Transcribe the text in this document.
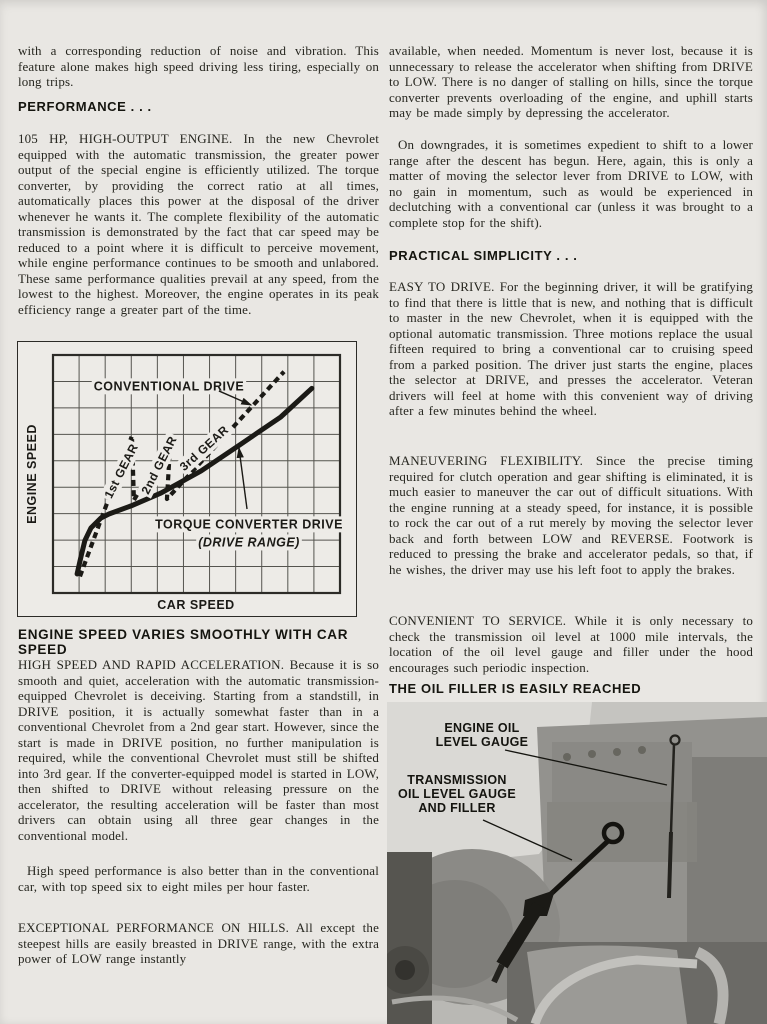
with a corresponding reduction of noise and vibration. This feature alone makes high speed driving less tiring, especially on long trips.

PERFORMANCE . . .

105 HP, HIGH-OUTPUT ENGINE. In the new Chevrolet equipped with the automatic transmission, the greater power output of the special engine is efficiently utilized. The torque converter, by providing the correct ratio at all times, automatically places this power at the disposal of the driver whenever he wants it. The complete flexibility of the automatic transmission is demonstrated by the fact that car speed may be reduced to a point where it is difficult to perceive movement, while engine performance continues to be smooth and unlabored. These same performance qualities prevail at any speed, from the lowest to the highest. Moreover, the engine operates in its peak efficiency range a greater part of the time.

CONVENTIONAL DRIVE
1st GEAR
2nd GEAR
3rd GEAR
TORQUE CONVERTER DRIVE
(DRIVE RANGE)
ENGINE SPEED
CAR SPEED

ENGINE SPEED VARIES SMOOTHLY WITH CAR SPEED

HIGH SPEED AND RAPID ACCELERATION. Because it is so smooth and quiet, acceleration with the automatic transmission-equipped Chevrolet is deceiving. Starting from a standstill, in DRIVE position, it is actually somewhat faster than in a conventional Chevrolet from a 2nd gear start. However, since the start is made in DRIVE position, no further manipulation is required, while the conventional Chevrolet must still be shifted into 3rd gear. If the converter-equipped model is started in LOW, then shifted to DRIVE without releasing pressure on the accelerator, the resulting acceleration will be faster than most drivers can obtain using all three gear changes in the conventional model.

High speed performance is also better than in the conventional car, with top speed six to eight miles per hour faster.

EXCEPTIONAL PERFORMANCE ON HILLS. All except the steepest hills are easily breasted in DRIVE range, with the extra power of LOW range instantly

available, when needed. Momentum is never lost, because it is unnecessary to release the accelerator when shifting from DRIVE to LOW. There is no danger of stalling on hills, since the torque converter prevents overloading of the engine, and uphill starts may be made simply by depressing the accelerator.

On downgrades, it is sometimes expedient to shift to a lower range after the descent has begun. Here, again, this is only a matter of moving the selector lever from DRIVE to LOW, with no gain in momentum, such as would be experienced in declutching with a conventional car (unless it was brought to a complete stop for the shift).

PRACTICAL SIMPLICITY . . .

EASY TO DRIVE. For the beginning driver, it will be gratifying to find that there is little that is new, and nothing that is difficult to master in the new Chevrolet, when it is equipped with the optional automatic transmission. Three motions replace the usual fifteen required to bring a conventional car to cruising speed from a parked position. The driver just starts the engine, places the selector at DRIVE, and presses the accelerator. Veteran drivers will feel at home with this convenient way of driving after a few minutes behind the wheel.

MANEUVERING FLEXIBILITY. Since the precise timing required for clutch operation and gear shifting is eliminated, it is much easier to maneuver the car out of difficult situations. With the engine running at a steady speed, for instance, it is possible to rock the car out of a rut merely by moving the selector lever back and forth between LOW and REVERSE. Footwork is reduced to pressing the brake and accelerator pedals, so that, if he wishes, the driver may use his left foot to apply the brakes.

CONVENIENT TO SERVICE. While it is only necessary to check the transmission oil level at 1000 mile intervals, the location of the oil level gauge and filler under the hood encourages such periodic inspection.

THE OIL FILLER IS EASILY REACHED
ENGINE OIL
LEVEL GAUGE
TRANSMISSION
OIL LEVEL GAUGE
AND FILLER
